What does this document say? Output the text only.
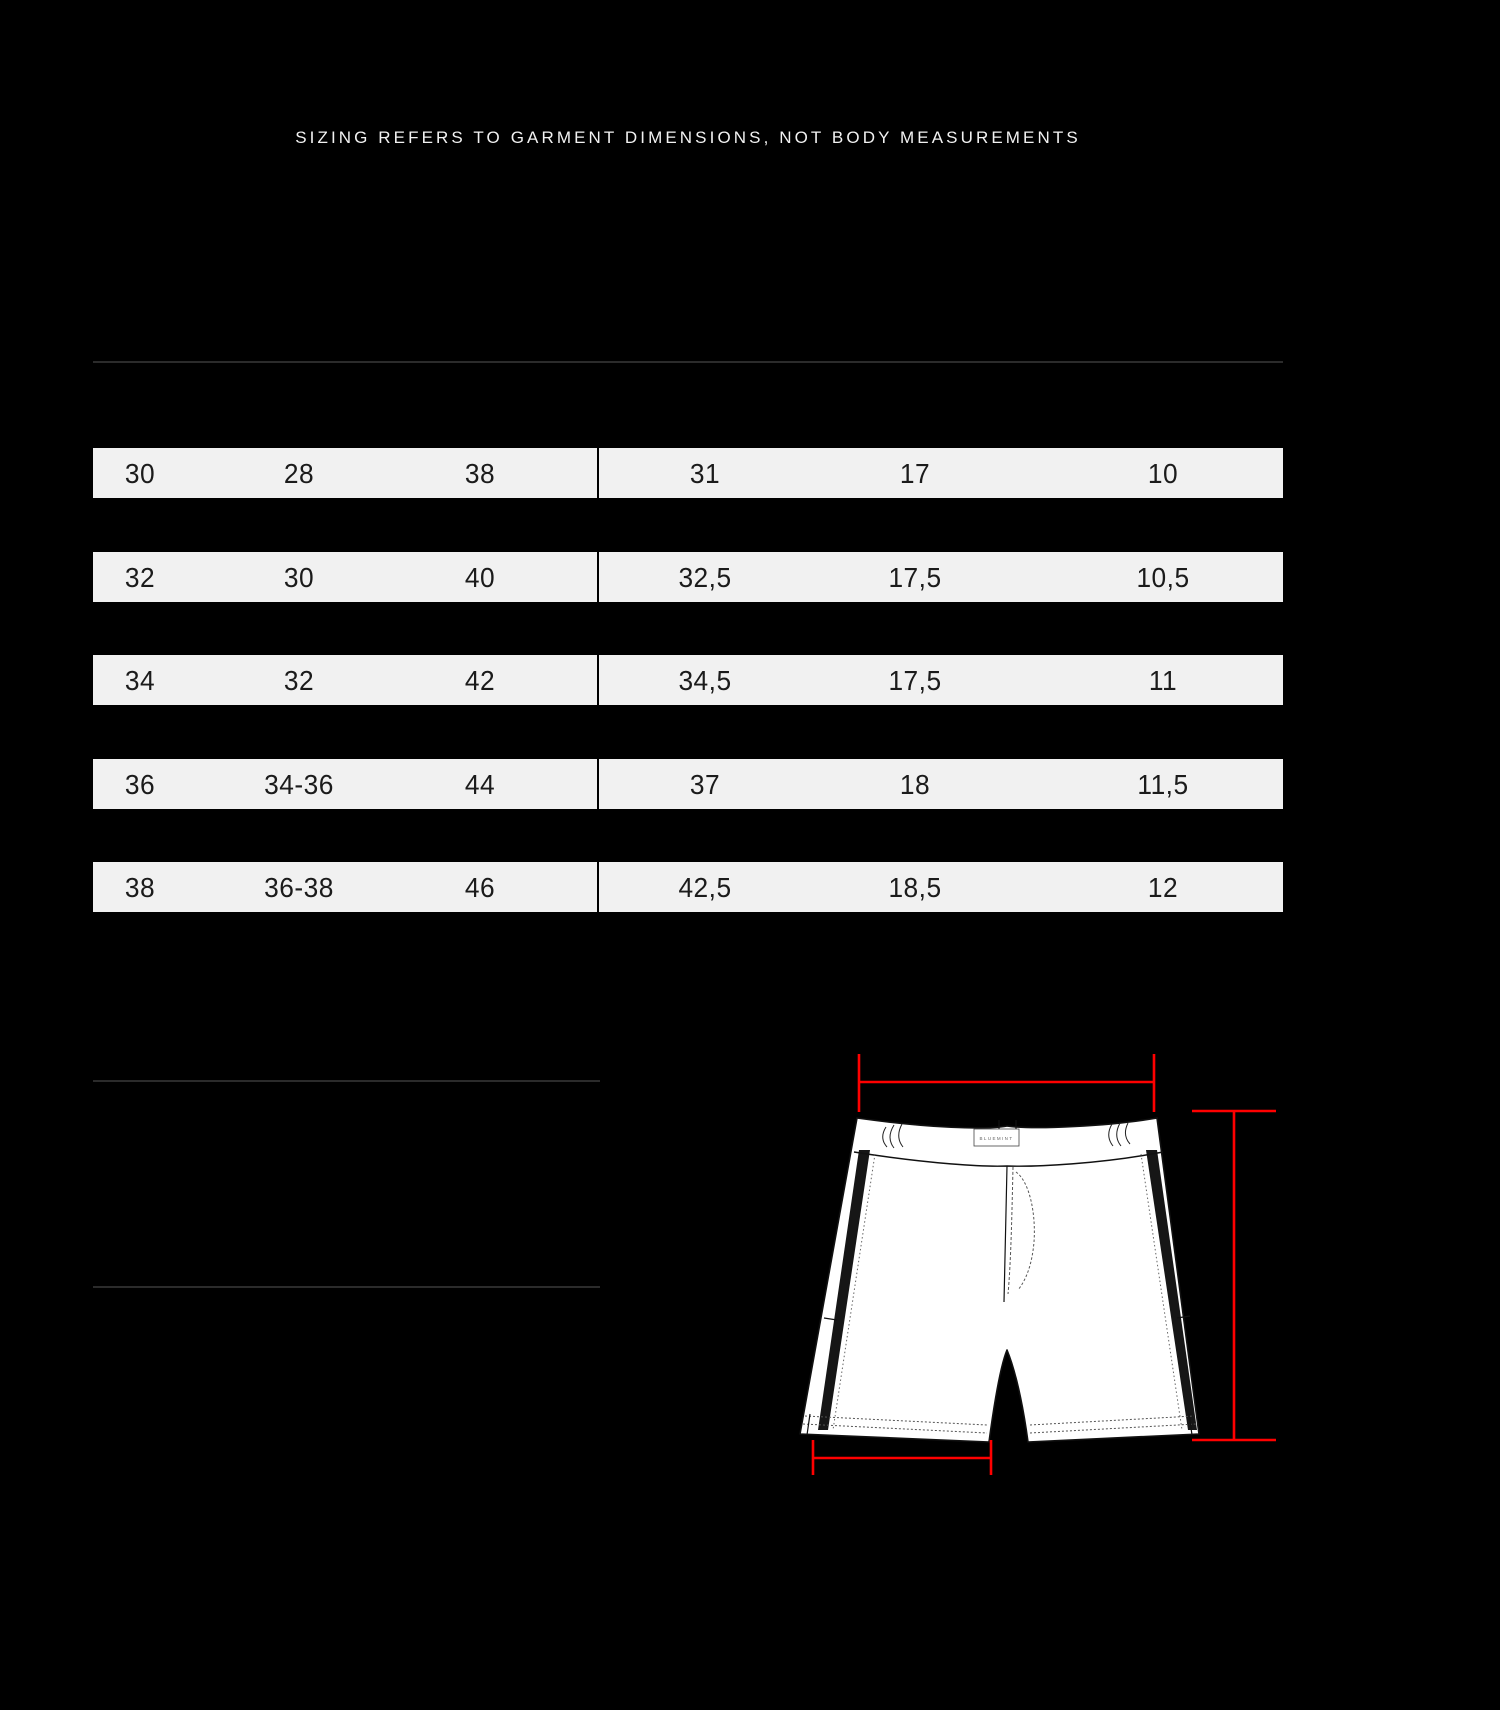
SIZING REFERS TO GARMENT DIMENSIONS, NOT BODY MEASUREMENTS
30	28	38	31	17	10
32	30	40	32,5	17,5	10,5
34	32	42	34,5	17,5	11
36	34-36	44	37	18	11,5
38	36-38	46	42,5	18,5	12
BLUEMINT
